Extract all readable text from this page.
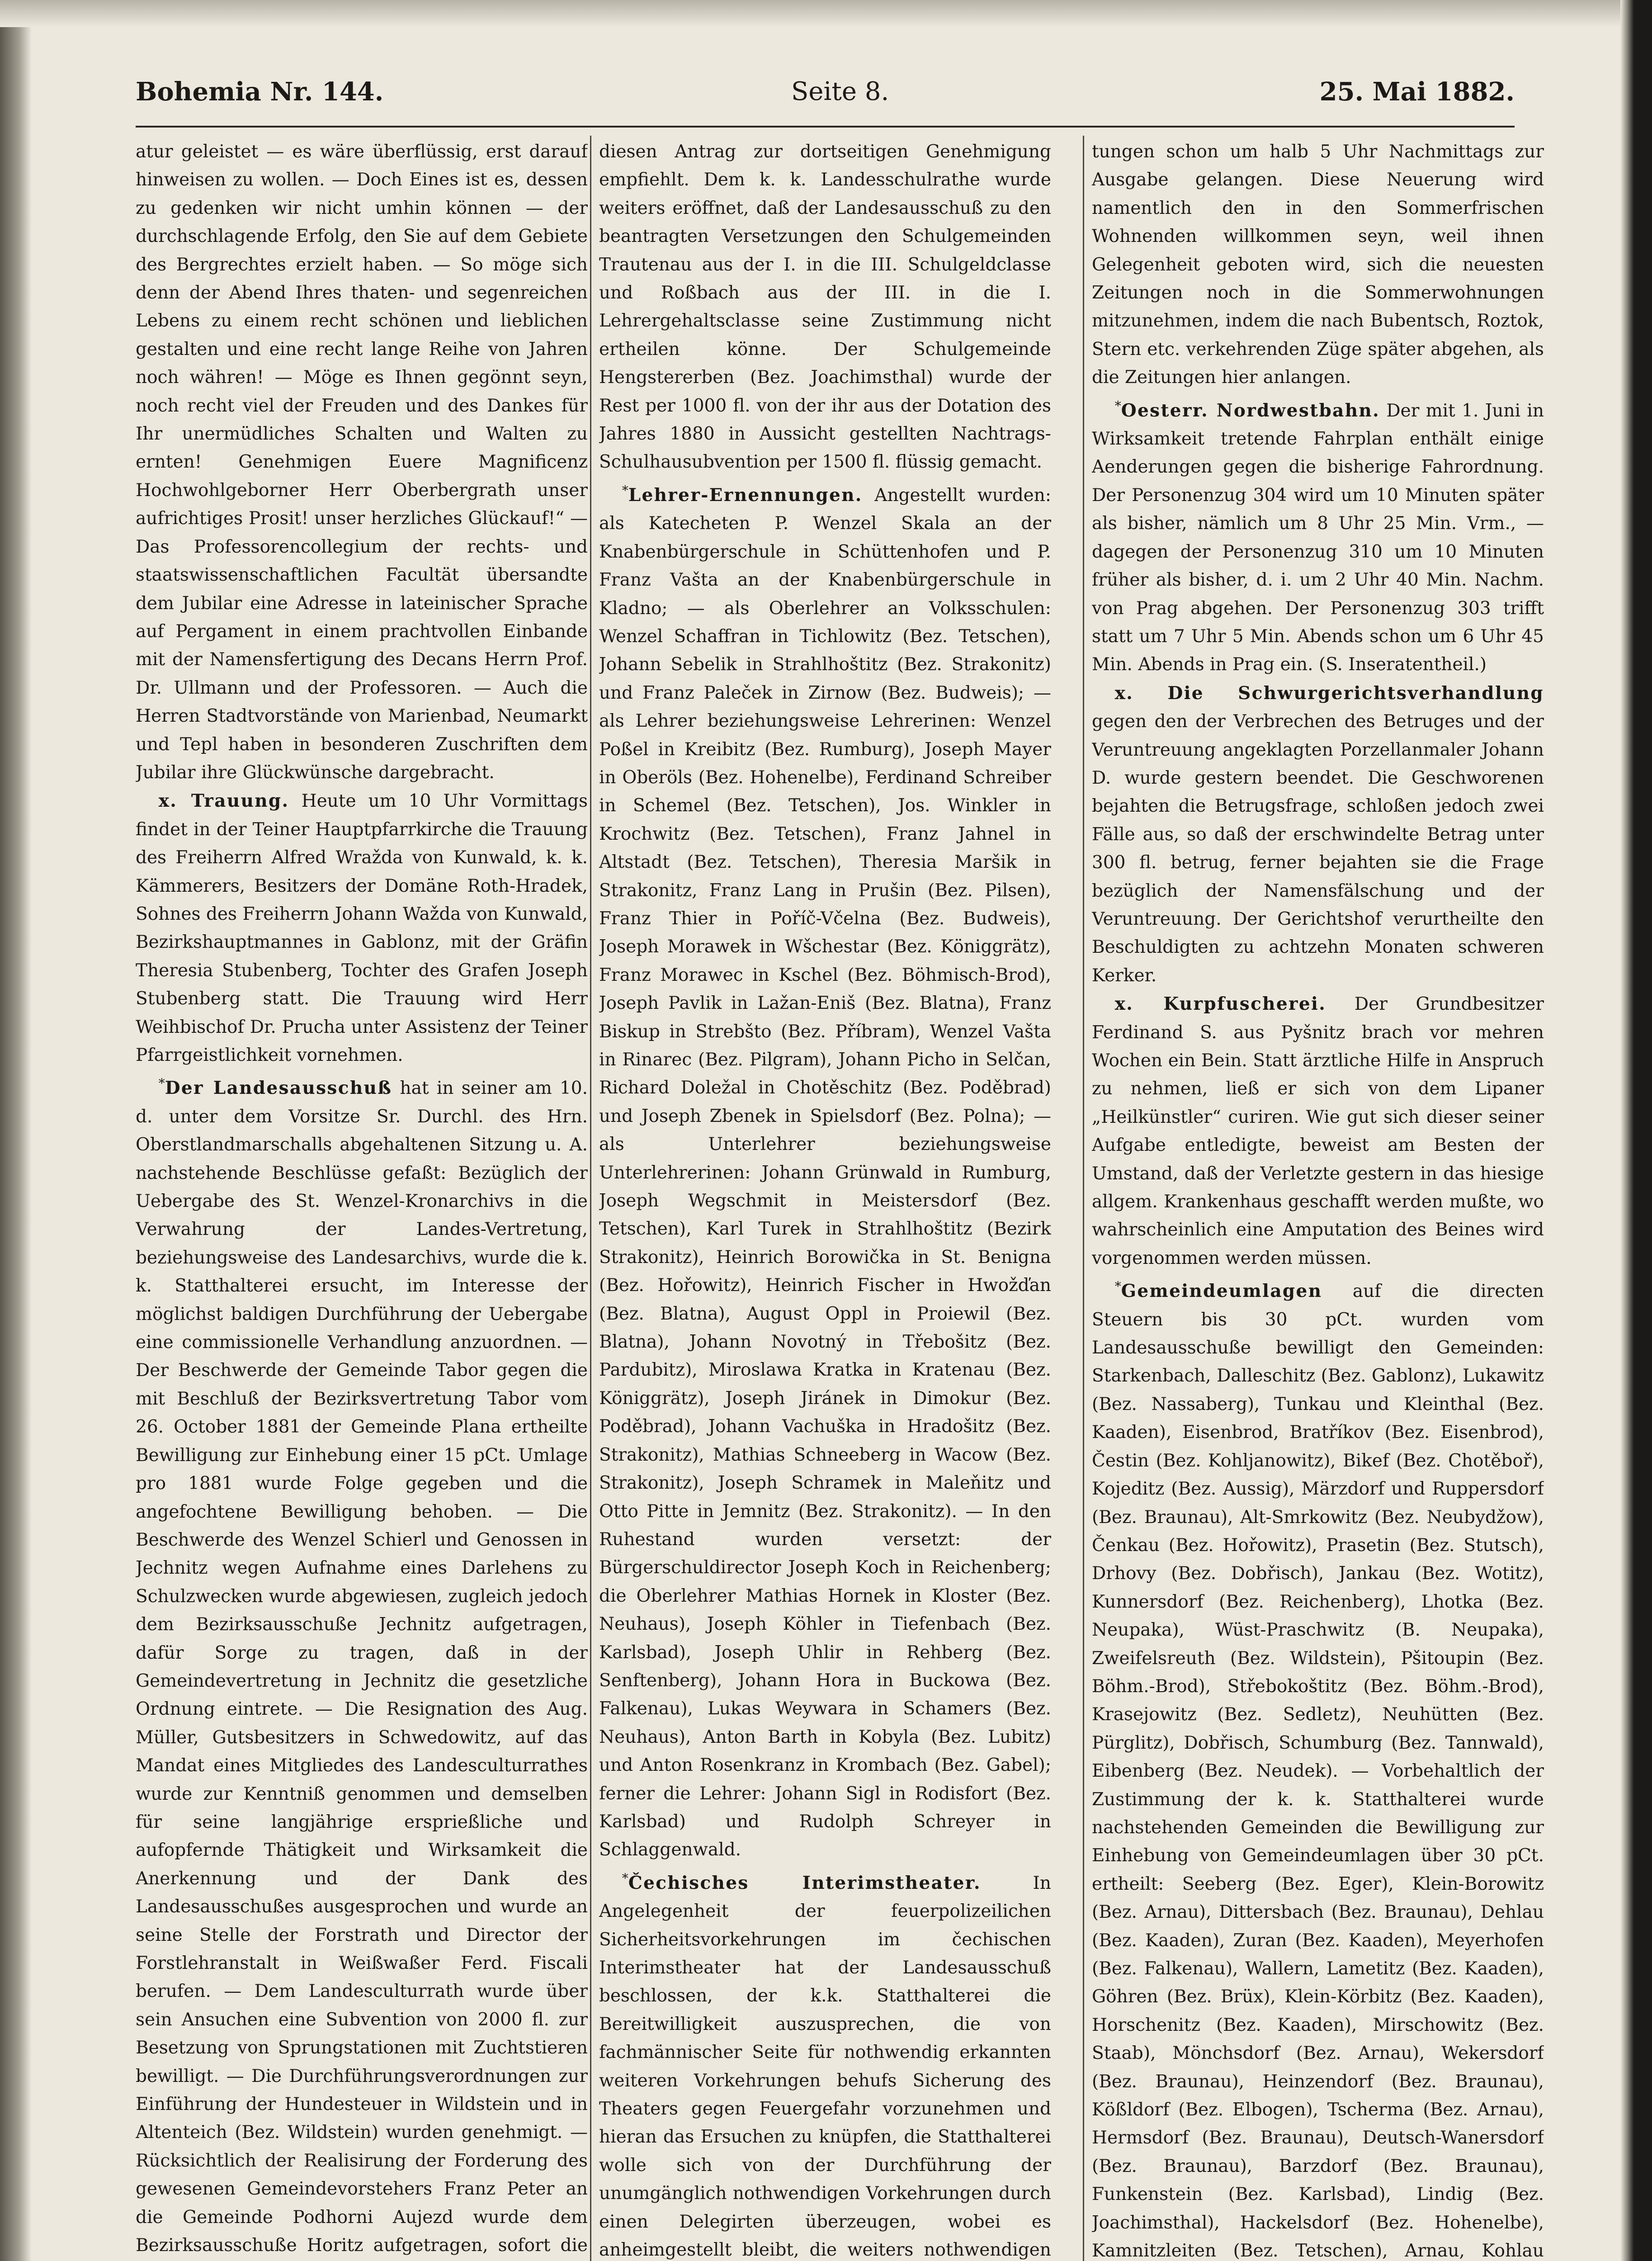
Bohemia Nr. 144.	Seite 8.	25. Mai 1882.

atur geleistet — es wäre überflüssig, erst darauf hinweisen zu wollen. — Doch Eines ist es, dessen zu gedenken wir nicht umhin können — der durchschlagende Erfolg, den Sie auf dem Gebiete des Bergrechtes erzielt haben. — So möge sich denn der Abend Ihres thaten- und segenreichen Lebens zu einem recht schönen und lieblichen gestalten und eine recht lange Reihe von Jahren noch währen! — Möge es Ihnen gegönnt seyn, noch recht viel der Freuden und des Dankes für Ihr unermüdliches Schalten und Walten zu ernten! Genehmigen Euere Magnificenz Hochwohlgeborner Herr Oberbergrath unser aufrichtiges Prosit! unser herzliches Glückauf!“ — Das Professorencollegium der rechts- und staatswissenschaftlichen Facultät übersandte dem Jubilar eine Adresse in lateinischer Sprache auf Pergament in einem prachtvollen Einbande mit der Namensfertigung des Decans Herrn Prof. Dr. Ullmann und der Professoren. — Auch die Herren Stadtvorstände von Marienbad, Neumarkt und Tepl haben in besonderen Zuschriften dem Jubilar ihre Glückwünsche dargebracht.

x. Trauung. Heute um 10 Uhr Vormittags findet in der Teiner Hauptpfarrkirche die Trauung des Freiherrn Alfred Wražda von Kunwald, k. k. Kämmerers, Besitzers der Domäne Roth-Hradek, Sohnes des Freiherrn Johann Wažda von Kunwald, Bezirkshauptmannes in Gablonz, mit der Gräfin Theresia Stubenberg, Tochter des Grafen Joseph Stubenberg statt. Die Trauung wird Herr Weihbischof Dr. Prucha unter Assistenz der Teiner Pfarrgeistlichkeit vornehmen.

*Der Landesausschuß hat in seiner am 10. d. unter dem Vorsitze Sr. Durchl. des Hrn. Oberstlandmarschalls abgehaltenen Sitzung u. A. nachstehende Beschlüsse gefaßt: Bezüglich der Uebergabe des St. Wenzel-Kronarchivs in die Verwahrung der Landes-Vertretung, beziehungsweise des Landesarchivs, wurde die k. k. Statthalterei ersucht, im Interesse der möglichst baldigen Durchführung der Uebergabe eine commissionelle Verhandlung anzuordnen. — Der Beschwerde der Gemeinde Tabor gegen die mit Beschluß der Bezirksvertretung Tabor vom 26. October 1881 der Gemeinde Plana ertheilte Bewilligung zur Einhebung einer 15 pCt. Umlage pro 1881 wurde Folge gegeben und die angefochtene Bewilligung behoben. — Die Beschwerde des Wenzel Schierl und Genossen in Jechnitz wegen Aufnahme eines Darlehens zu Schulzwecken wurde abgewiesen, zugleich jedoch dem Bezirksausschuße Jechnitz aufgetragen, dafür Sorge zu tragen, daß in der Gemeindevertretung in Jechnitz die gesetzliche Ordnung eintrete. — Die Resignation des Aug. Müller, Gutsbesitzers in Schwedowitz, auf das Mandat eines Mitgliedes des Landesculturrathes wurde zur Kenntniß genommen und demselben für seine langjährige ersprießliche und aufopfernde Thätigkeit und Wirksamkeit die Anerkennung und der Dank des Landesausschußes ausgesprochen und wurde an seine Stelle der Forstrath und Director der Forstlehranstalt in Weißwaßer Ferd. Fiscali berufen. — Dem Landesculturrath wurde über sein Ansuchen eine Subvention von 2000 fl. zur Besetzung von Sprungstationen mit Zuchtstieren bewilligt. — Die Durchführungsverordnungen zur Einführung der Hundesteuer in Wildstein und in Altenteich (Bez. Wildstein) wurden genehmigt. — Rücksichtlich der Realisirung der Forderung des gewesenen Gemeindevorstehers Franz Peter an die Gemeinde Podhorni Aujezd wurde dem Bezirksausschuße Horitz aufgetragen, sofort die

diesen Antrag zur dortseitigen Genehmigung empfiehlt. Dem k. k. Landesschulrathe wurde weiters eröffnet, daß der Landesausschuß zu den beantragten Versetzungen den Schulgemeinden Trautenau aus der I. in die III. Schulgeldclasse und Roßbach aus der III. in die I. Lehrergehaltsclasse seine Zustimmung nicht ertheilen könne. Der Schulgemeinde Hengstererben (Bez. Joachimsthal) wurde der Rest per 1000 fl. von der ihr aus der Dotation des Jahres 1880 in Aussicht gestellten Nachtrags-Schulhausubvention per 1500 fl. flüssig gemacht.

*Lehrer-Ernennungen. Angestellt wurden: als Katecheten P. Wenzel Skala an der Knabenbürgerschule in Schüttenhofen und P. Franz Vašta an der Knabenbürgerschule in Kladno; — als Oberlehrer an Volksschulen: Wenzel Schaffran in Tichlowitz (Bez. Tetschen), Johann Sebelik in Strahlhoštitz (Bez. Strakonitz) und Franz Paleček in Zirnow (Bez. Budweis); — als Lehrer beziehungsweise Lehrerinen: Wenzel Poßel in Kreibitz (Bez. Rumburg), Joseph Mayer in Oberöls (Bez. Hohenelbe), Ferdinand Schreiber in Schemel (Bez. Tetschen), Jos. Winkler in Krochwitz (Bez. Tetschen), Franz Jahnel in Altstadt (Bez. Tetschen), Theresia Maršik in Strakonitz, Franz Lang in Prušin (Bez. Pilsen), Franz Thier in Poříč-Včelna (Bez. Budweis), Joseph Morawek in Wšchestar (Bez. Königgrätz), Franz Morawec in Kschel (Bez. Böhmisch-Brod), Joseph Pavlik in Lažan-Eniš (Bez. Blatna), Franz Biskup in Strebšto (Bez. Příbram), Wenzel Vašta in Rinarec (Bez. Pilgram), Johann Picho in Selčan, Richard Doležal in Chotěschitz (Bez. Poděbrad) und Joseph Zbenek in Spielsdorf (Bez. Polna); — als Unterlehrer beziehungsweise Unterlehrerinen: Johann Grünwald in Rumburg, Joseph Wegschmit in Meistersdorf (Bez. Tetschen), Karl Turek in Strahlhoštitz (Bezirk Strakonitz), Heinrich Borowička in St. Benigna (Bez. Hořowitz), Heinrich Fischer in Hwožďan (Bez. Blatna), August Oppl in Proiewil (Bez. Blatna), Johann Novotný in Třebošitz (Bez. Pardubitz), Miroslawa Kratka in Kratenau (Bez. Königgrätz), Joseph Jiránek in Dimokur (Bez. Poděbrad), Johann Vachuška in Hradošitz (Bez. Strakonitz), Mathias Schneeberg in Wacow (Bez. Strakonitz), Joseph Schramek in Maleňitz und Otto Pitte in Jemnitz (Bez. Strakonitz). — In den Ruhestand wurden versetzt: der Bürgerschuldirector Joseph Koch in Reichenberg; die Oberlehrer Mathias Hornek in Kloster (Bez. Neuhaus), Joseph Köhler in Tiefenbach (Bez. Karlsbad), Joseph Uhlir in Rehberg (Bez. Senftenberg), Johann Hora in Buckowa (Bez. Falkenau), Lukas Weywara in Schamers (Bez. Neuhaus), Anton Barth in Kobyla (Bez. Lubitz) und Anton Rosenkranz in Krombach (Bez. Gabel); ferner die Lehrer: Johann Sigl in Rodisfort (Bez. Karlsbad) und Rudolph Schreyer in Schlaggenwald.

*Čechisches Interimstheater.	In Angelegenheit der feuerpolizeilichen Sicherheitsvorkehrungen im čechischen Interimstheater hat der Landesausschuß beschlossen, der k.k. Statthalterei die Bereitwilligkeit auszusprechen, die von fachmännischer Seite für nothwendig erkannten weiteren Vorkehrungen behufs Sicherung des Theaters gegen Feuergefahr vorzunehmen und hieran das Ersuchen zu knüpfen, die Statthalterei wolle sich von der Durchführung der unumgänglich nothwendigen Vorkehrungen durch einen Delegirten überzeugen, wobei es anheimgestellt bleibt, die weiters nothwendigen

tungen schon um halb 5 Uhr Nachmittags zur Ausgabe gelangen. Diese Neuerung wird namentlich den in den Sommerfrischen Wohnenden willkommen seyn, weil ihnen Gelegenheit geboten wird, sich die neuesten Zeitungen noch in die Sommerwohnungen mitzunehmen, indem die nach Bubentsch, Roztok, Stern etc. verkehrenden Züge später abgehen, als die Zeitungen hier anlangen.

*Oesterr. Nordwestbahn. Der mit 1. Juni in Wirksamkeit tretende Fahrplan enthält einige Aenderungen gegen die bisherige Fahrordnung. Der Personenzug 304 wird um 10 Minuten später als bisher, nämlich um 8 Uhr 25 Min. Vrm., — dagegen der Personenzug 310 um 10 Minuten früher als bisher, d. i. um 2 Uhr 40 Min. Nachm. von Prag abgehen. Der Personenzug 303 trifft statt um 7 Uhr 5 Min. Abends schon um 6 Uhr 45 Min. Abends in Prag ein. (S. Inseratentheil.)

x. Die Schwurgerichtsverhandlung gegen den der Verbrechen des Betruges und der Veruntreuung angeklagten Porzellanmaler Johann D. wurde gestern beendet. Die Geschworenen bejahten die Betrugsfrage, schloßen jedoch zwei Fälle aus, so daß der erschwindelte Betrag unter 300 fl. betrug, ferner bejahten sie die Frage bezüglich der Namensfälschung und der Veruntreuung. Der Gerichtshof verurtheilte den Beschuldigten zu achtzehn Monaten schweren Kerker.

x. Kurpfuscherei. Der Grundbesitzer Ferdinand S. aus Pyšnitz brach vor mehren Wochen ein Bein. Statt ärztliche Hilfe in Anspruch zu nehmen, ließ er sich von dem Lipaner „Heilkünstler“ curiren. Wie gut sich dieser seiner Aufgabe entledigte, beweist am Besten der Umstand, daß der Verletzte gestern in das hiesige allgem. Krankenhaus geschafft werden mußte, wo wahrscheinlich eine Amputation des Beines wird vorgenommen werden müssen.

*Gemeindeumlagen auf die directen Steuern bis 30 pCt. wurden vom Landesausschuße bewilligt den Gemeinden: Starkenbach, Dalleschitz (Bez. Gablonz), Lukawitz (Bez. Nassaberg), Tunkau und Kleinthal (Bez. Kaaden), Eisenbrod, Bratříkov (Bez. Eisenbrod), Čestin (Bez. Kohljanowitz), Bikef (Bez. Chotěboř), Kojeditz (Bez. Aussig), Märzdorf und Ruppersdorf (Bez. Braunau), Alt-Smrkowitz (Bez. Neubydžow), Čenkau (Bez. Hořowitz), Prasetin (Bez. Stutsch), Drhovy (Bez. Dobřisch), Jankau (Bez. Wotitz), Kunnersdorf (Bez. Reichenberg), Lhotka (Bez. Neupaka), Wüst-Praschwitz (B. Neupaka), Zweifelsreuth (Bez. Wildstein), Pšitoupin (Bez. Böhm.-Brod), Střebokoštitz (Bez. Böhm.-Brod), Krasejowitz (Bez. Sedletz), Neuhütten (Bez. Pürglitz), Dobřisch, Schumburg (Bez. Tannwald), Eibenberg (Bez. Neudek). — Vorbehaltlich der Zustimmung der k. k. Statthalterei wurde nachstehenden Gemeinden die Bewilligung zur Einhebung von Gemeindeumlagen über 30 pCt. ertheilt: Seeberg (Bez. Eger), Klein-Borowitz (Bez. Arnau), Dittersbach (Bez. Braunau), Dehlau (Bez. Kaaden), Zuran (Bez. Kaaden), Meyerhofen (Bez. Falkenau), Wallern, Lametitz (Bez. Kaaden), Göhren (Bez. Brüx), Klein-Körbitz (Bez. Kaaden), Horschenitz (Bez. Kaaden), Mirschowitz (Bez. Staab), Mönchsdorf (Bez. Arnau), Wekersdorf (Bez. Braunau), Heinzendorf (Bez. Braunau), Kößldorf (Bez. Elbogen), Tscherma (Bez. Arnau), Hermsdorf (Bez. Braunau), Deutsch-Wanersdorf (Bez. Braunau), Barzdorf (Bez. Braunau), Funkenstein (Bez. Karlsbad), Lindig (Bez. Joachimsthal), Hackelsdorf (Bez. Hohenelbe), Kamnitzleiten (Bez. Tetschen), Arnau, Kohlau
